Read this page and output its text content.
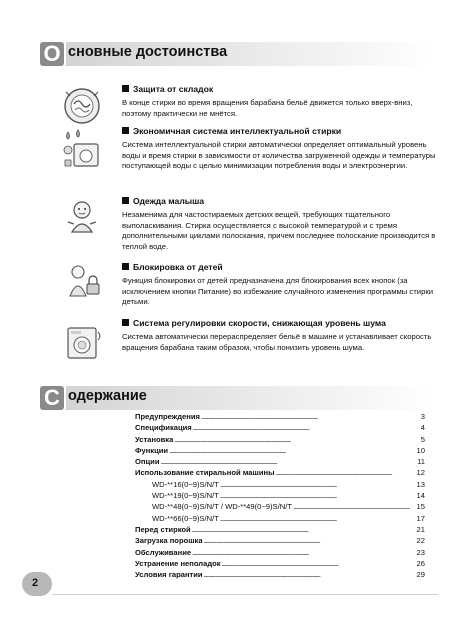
О сновные достоинства
Защита от складок

В конце стирки во время вращения барабана бельё движется только вверх-вниз, поэтому практически не мнётся.

Экономичная система интеллектуальной стирки

Система интеллектуальной стирки автоматически определяет оптимальный уровень воды и время стирки в зависимости от количества загруженной одежды и температуры поступающей воды с целью минимизации потребления воды и электроэнергии.

Одежда малыша

Незаменима для частостираемых детских вещей, требующих тщательного выполаскивания. Стирка осуществляется с высокой температурой и с тремя дополнительными циклами полоскания, причем последнее полоскание производится в теплой воде.

Блокировка от детей

Функция блокировки от детей предназначена для блокирования всех кнопок (за исключением кнопки Питание) во избежание случайного изменения программы стирки детьми.

Система регулировки скорости, снижающая уровень шума

Система автоматически перераспределяет бельё в машине и устанавливает скорость вращения барабана таким образом, чтобы понизить уровень шума.

С одержание
Предупреждения . . .	3
Спецификация . . .	4
Установка . . .	5
Функции . . .	10
Опции . . .	11
Использование стиральной машины . . .	12
WD-**16(0~9)S/N/T . . .	13
WD-**19(0~9)S/N/T . . .	14
WD-**48(0~9)S/N/T / WD-**49(0~9)S/N/T . . .	15
WD-**66(0~9)S/N/T . . .	17
Перед стиркой . . .	21
Загрузка порошка . . .	22
Обслуживание . . .	23
Устранение неполадок . . .	26
Условия гарантии . . .	29
2
